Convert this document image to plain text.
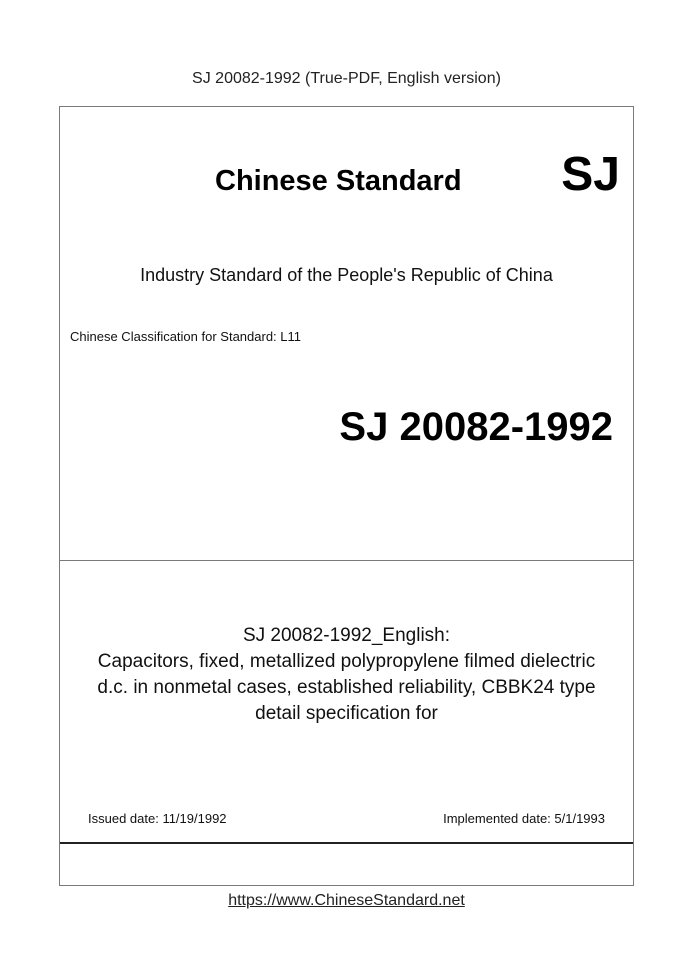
SJ 20082-1992 (True-PDF, English version)
Chinese Standard SJ
Industry Standard of the People's Republic of China
Chinese Classification for Standard: L11
SJ 20082-1992
SJ 20082-1992_English:
Capacitors, fixed, metallized polypropylene filmed dielectric
d.c. in nonmetal cases, established reliability, CBBK24 type
detail specification for
Issued date: 11/19/1992	Implemented date: 5/1/1993
https://www.ChineseStandard.net
